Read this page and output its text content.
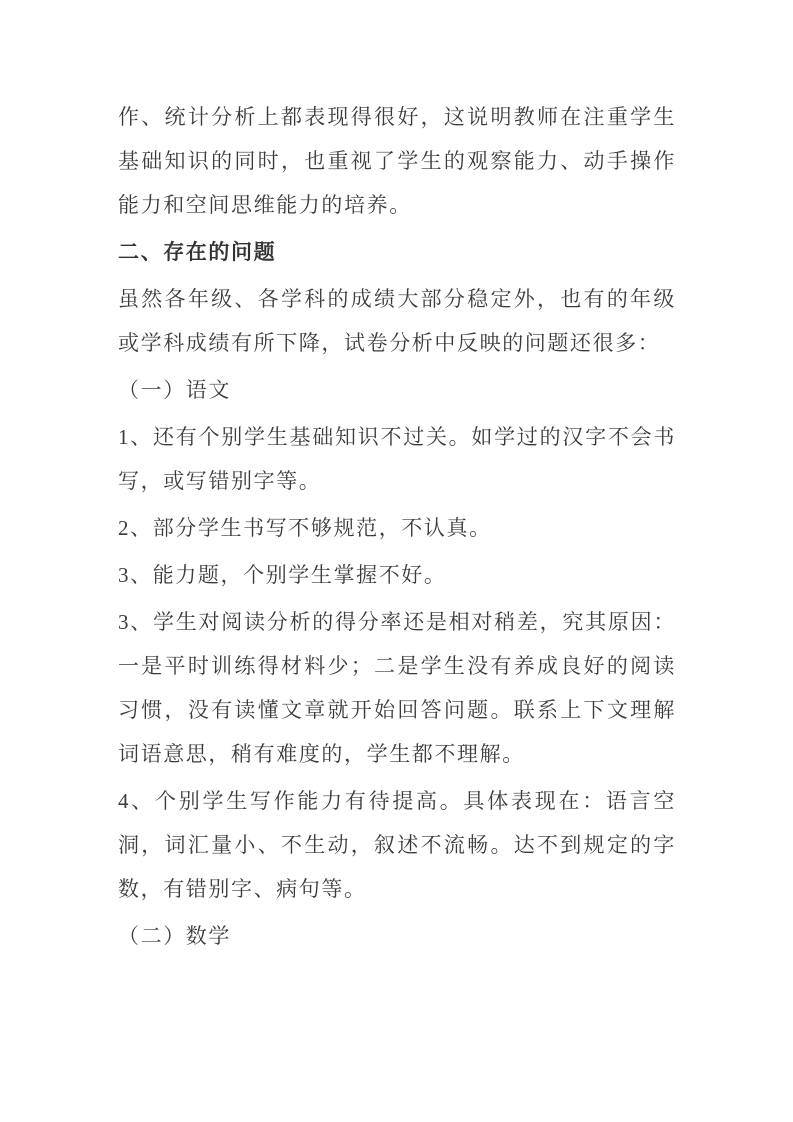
作、统计分析上都表现得很好，这说明教师在注重学生基础知识的同时，也重视了学生的观察能力、动手操作能力和空间思维能力的培养。

二、存在的问题

虽然各年级、各学科的成绩大部分稳定外，也有的年级或学科成绩有所下降，试卷分析中反映的问题还很多：

（一）语文

1、还有个别学生基础知识不过关。如学过的汉字不会书写，或写错别字等。

2、部分学生书写不够规范，不认真。

3、能力题，个别学生掌握不好。

3、学生对阅读分析的得分率还是相对稍差，究其原因：一是平时训练得材料少；二是学生没有养成良好的阅读习惯，没有读懂文章就开始回答问题。联系上下文理解词语意思，稍有难度的，学生都不理解。

4、个别学生写作能力有待提高。具体表现在：语言空洞，词汇量小、不生动，叙述不流畅。达不到规定的字数，有错别字、病句等。

（二）数学
